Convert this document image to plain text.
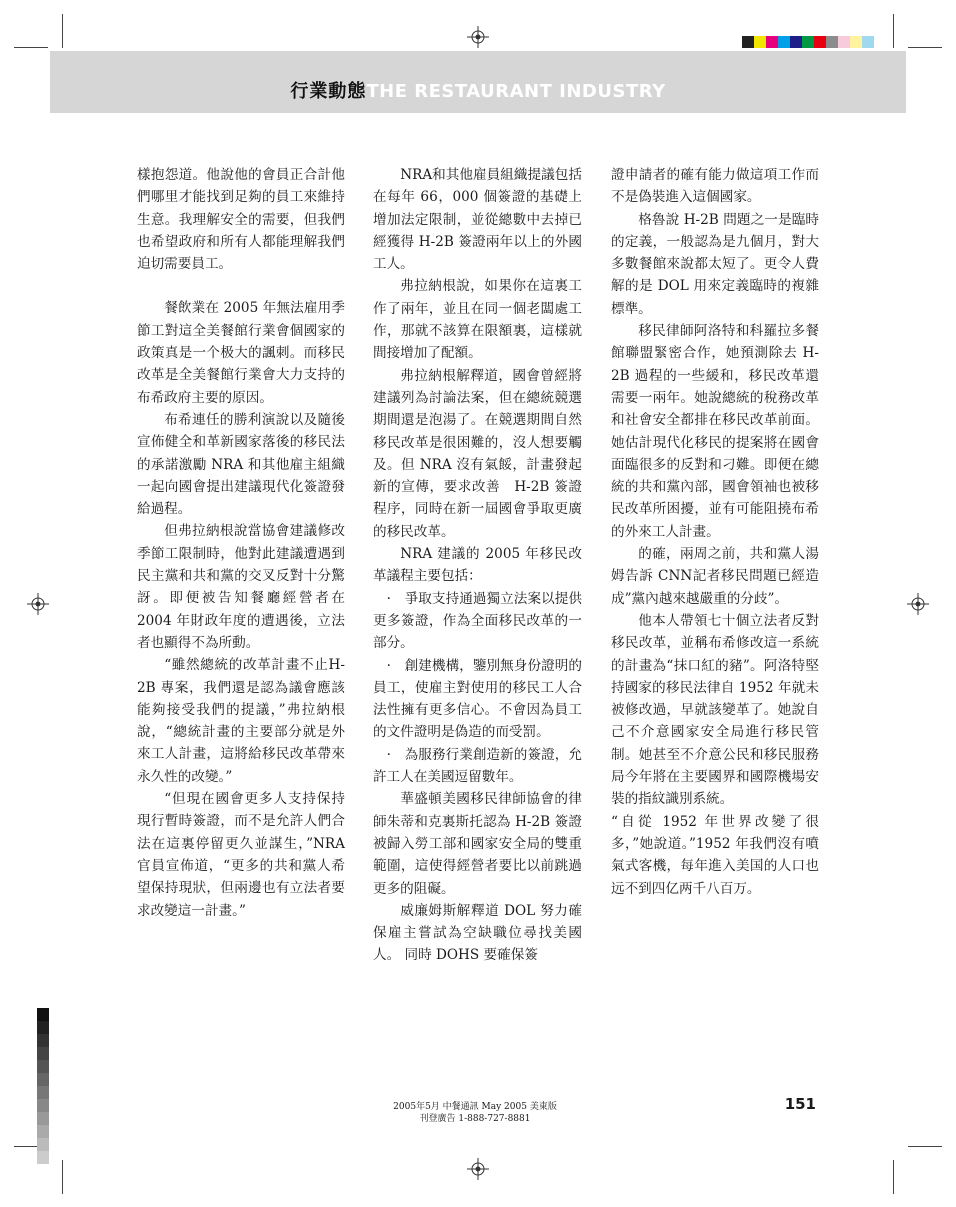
行業動態THE RESTAURANT INDUSTRY

樣抱怨道。他說他的會員正合計他們哪里才能找到足夠的員工來維持生意。我理解安全的需要，但我們也希望政府和所有人都能理解我們迫切需要員工。

餐飲業在 2005 年無法雇用季節工對這全美餐館行業會個國家的政策真是一个极大的諷刺。而移民改革是全美餐館行業會大力支持的布希政府主要的原因。

布希連任的勝利演說以及隨後宣佈健全和革新國家落後的移民法的承諾激勵 NRA 和其他雇主組織一起向國會提出建議現代化簽證發給過程。

但弗拉納根說當協會建議修改季節工限制時，他對此建議遭遇到民主黨和共和黨的交叉反對十分驚訝。即便被告知餐廳經營者在 2004 年財政年度的遭遇後，立法者也顯得不為所動。

“雖然總統的改革計畫不止H-2B 專案，我們還是認為議會應該能夠接受我們的提議，”弗拉納根說，“總統計畫的主要部分就是外來工人計畫，這將給移民改革帶來永久性的改變。”

“但現在國會更多人支持保持現行暫時簽證，而不是允許人們合法在這裏停留更久並謀生，”NRA 官員宣佈道，“更多的共和黨人希望保持現狀，但兩邊也有立法者要求改變這一計畫。”

NRA和其他雇員組織提議包括在每年 66，000 個簽證的基礎上增加法定限制，並從總數中去掉已經獲得 H-2B 簽證兩年以上的外國工人。

弗拉納根說，如果你在這裏工作了兩年，並且在同一個老闆處工作，那就不該算在限額裏，這樣就間接增加了配額。

弗拉納根解釋道，國會曾經將建議列為討論法案，但在總統競選期間還是泡湯了。在競選期間自然移民改革是很困難的，沒人想要觸及。但 NRA 沒有氣餒，計畫發起新的宣傳，要求改善　H-2B 簽證程序，同時在新一屆國會爭取更廣的移民改革。

NRA 建議的 2005 年移民改革議程主要包括：

·　爭取支持通過獨立法案以提供更多簽證，作為全面移民改革的一部分。

·　創建機構，鑒別無身份證明的員工，使雇主對使用的移民工人合法性擁有更多信心。不會因為員工的文件證明是偽造的而受罰。

·　為服務行業創造新的簽證，允許工人在美國逗留數年。

華盛頓美國移民律師協會的律師朱蒂和克裏斯托認為 H-2B 簽證被歸入勞工部和國家安全局的雙重範圍，這使得經營者要比以前跳過更多的阻礙。

威廉姆斯解釋道 DOL 努力確保雇主嘗試為空缺職位尋找美國人。 同時 DOHS 要確保簽

證申請者的確有能力做這項工作而不是偽裝進入這個國家。

格魯說 H-2B 問題之一是臨時的定義，一般認為是九個月，對大多數餐館來說都太短了。更令人費解的是 DOL 用來定義臨時的複雜標準。

移民律師阿洛特和科羅拉多餐館聯盟緊密合作，她預測除去 H-2B 過程的一些緩和，移民改革還需要一兩年。她說總統的稅務改革和社會安全都排在移民改革前面。她估計現代化移民的提案將在國會面臨很多的反對和刁難。即便在總統的共和黨內部，國會領袖也被移民改革所困擾，並有可能阻撓布希的外來工人計畫。

的確，兩周之前，共和黨人湯姆告訴 CNN記者移民問題已經造成”黨內越來越嚴重的分歧”。

他本人帶領七十個立法者反對移民改革，並稱布希修改這一系統的計畫為“抹口紅的豬”。阿洛特堅持國家的移民法律自 1952 年就未被修改過，早就該變革了。她說自己不介意國家安全局進行移民管制。她甚至不介意公民和移民服務局今年將在主要國界和國際機場安裝的指紋識別系統。

“自從 1952 年世界改變了很多，”她說道。”1952 年我們沒有噴氣式客機，每年進入美国的人口也远不到四亿两千八百万。

2005年5月 中餐通訊 May 2005 美東版
刊登廣告 1-888-727-8881
151
